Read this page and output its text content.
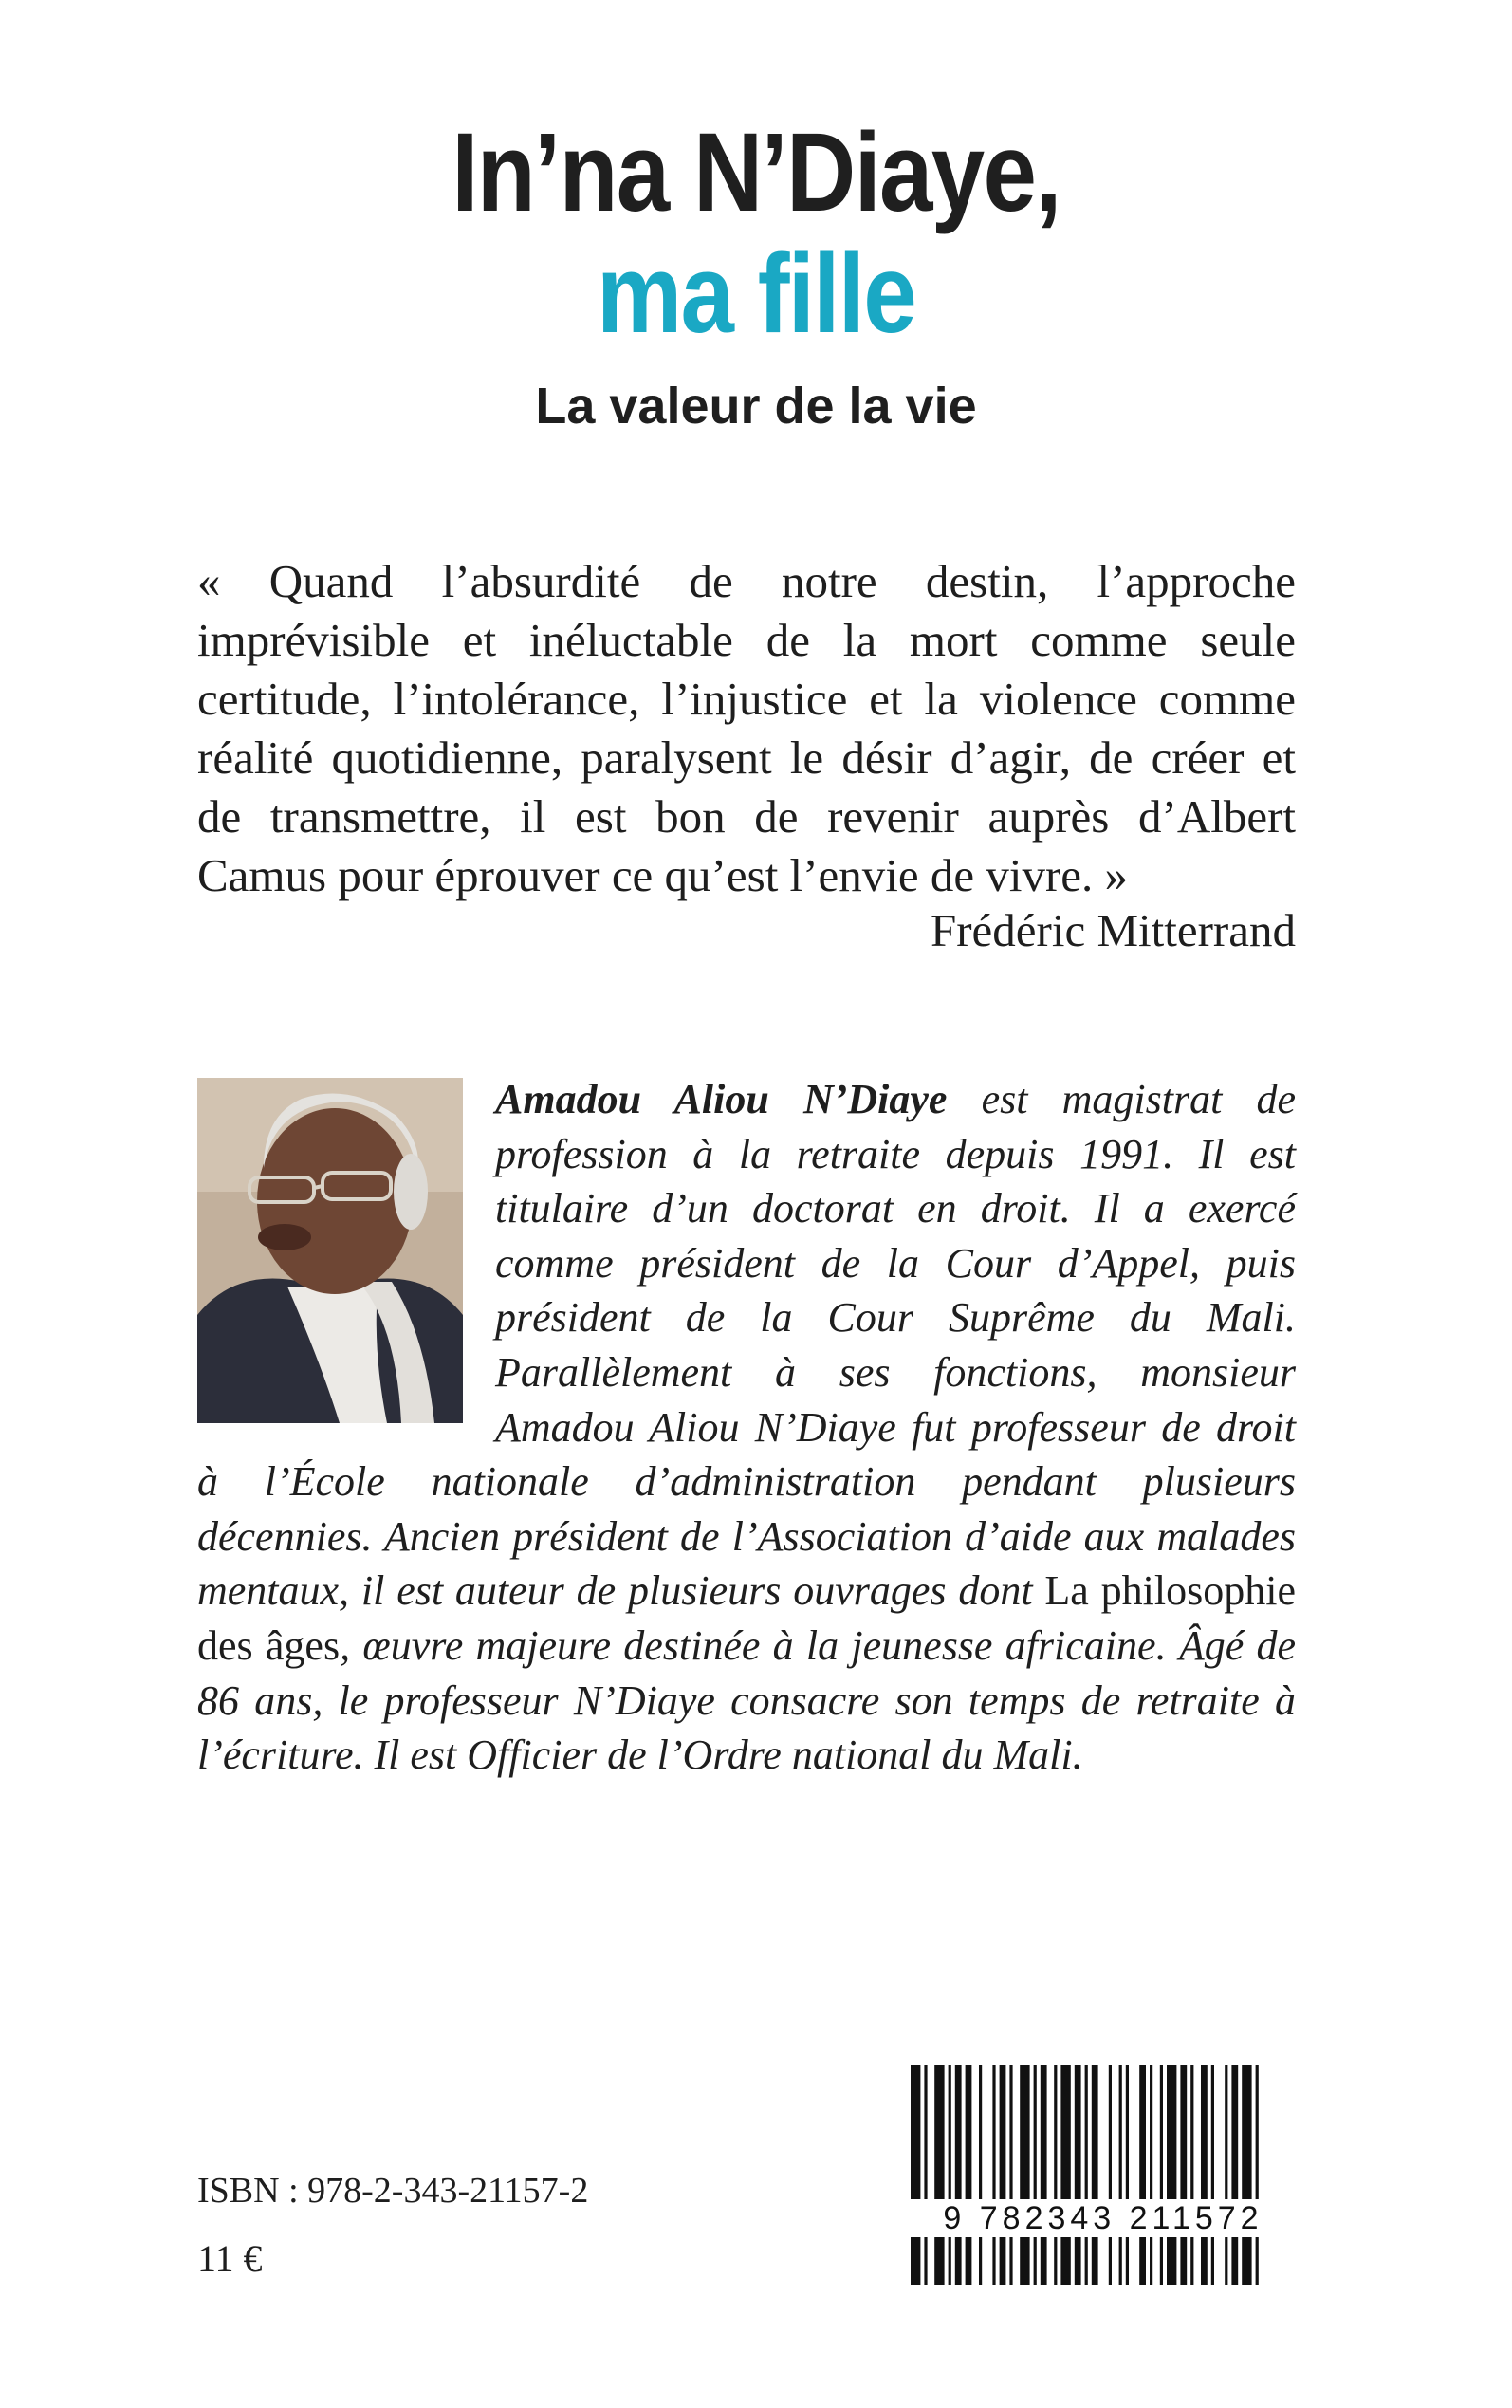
In’na N’Diaye,
ma fille
La valeur de la vie

« Quand l’absurdité de notre destin, l’approche imprévisible et inéluctable de la mort comme seule certitude, l’intolérance, l’injustice et la violence comme réalité quotidienne, paralysent le désir d’agir, de créer et de transmettre, il est bon de revenir auprès d’Albert Camus pour éprouver ce qu’est l’envie de vivre. »

Frédéric Mitterrand
Amadou Aliou N’Diaye est magistrat de profession à la retraite depuis 1991. Il est titulaire d’un doctorat en droit. Il a exercé comme président de la Cour d’Appel, puis président de la Cour Suprême du Mali. Parallèlement à ses fonctions, monsieur Amadou Aliou N’Diaye fut professeur de droit à l’École nationale d’administration pendant plusieurs décennies. Ancien président de l’Association d’aide aux malades mentaux, il est auteur de plusieurs ouvrages dont La philosophie des âges, œuvre majeure destinée à la jeunesse africaine. Âgé de 86 ans, le professeur N’Diaye consacre son temps de retraite à l’écriture. Il est Officier de l’Ordre national du Mali.
ISBN : 978-2-343-21157-2
11 €
9 782343 211572
